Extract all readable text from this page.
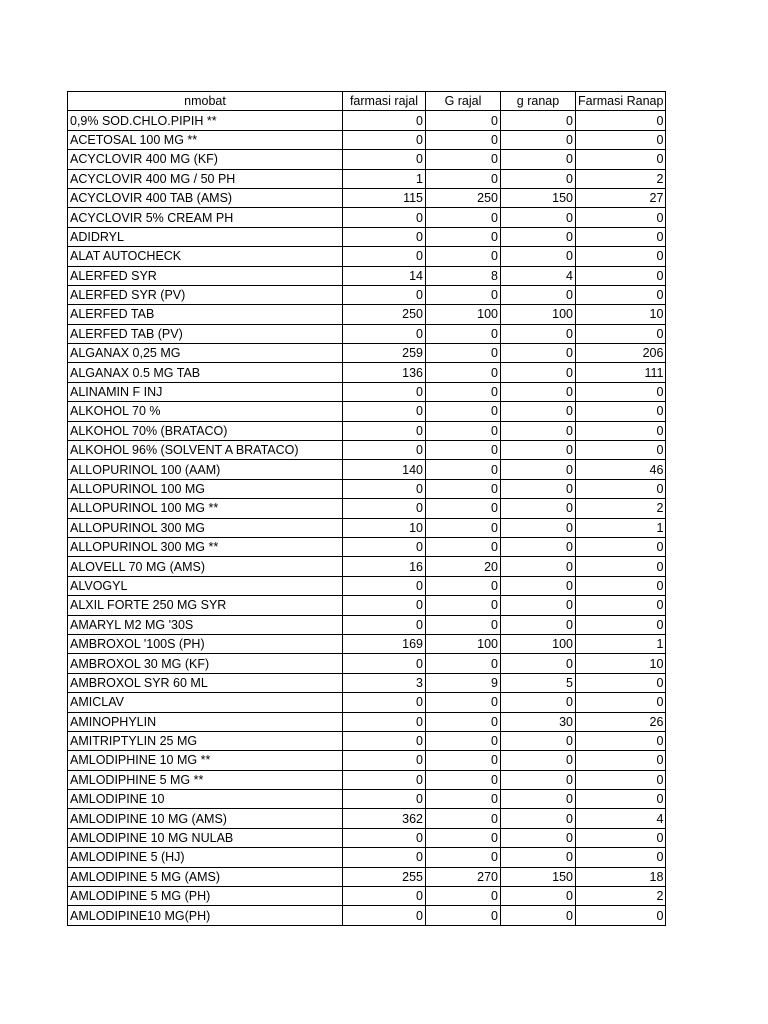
nmobat	farmasi rajal	G rajal	g ranap	Farmasi Ranap
0,9% SOD.CHLO.PIPIH **	0	0	0	0
ACETOSAL 100 MG **	0	0	0	0
ACYCLOVIR 400 MG (KF)	0	0	0	0
ACYCLOVIR 400 MG / 50 PH	1	0	0	2
ACYCLOVIR 400 TAB (AMS)	115	250	150	27
ACYCLOVIR 5% CREAM PH	0	0	0	0
ADIDRYL	0	0	0	0
ALAT AUTOCHECK	0	0	0	0
ALERFED SYR	14	8	4	0
ALERFED SYR (PV)	0	0	0	0
ALERFED TAB	250	100	100	10
ALERFED TAB (PV)	0	0	0	0
ALGANAX 0,25 MG	259	0	0	206
ALGANAX 0.5 MG TAB	136	0	0	111
ALINAMIN F INJ	0	0	0	0
ALKOHOL 70 %	0	0	0	0
ALKOHOL 70% (BRATACO)	0	0	0	0
ALKOHOL 96% (SOLVENT A BRATACO)	0	0	0	0
ALLOPURINOL 100 (AAM)	140	0	0	46
ALLOPURINOL 100 MG	0	0	0	0
ALLOPURINOL 100 MG **	0	0	0	2
ALLOPURINOL 300 MG	10	0	0	1
ALLOPURINOL 300 MG **	0	0	0	0
ALOVELL 70 MG (AMS)	16	20	0	0
ALVOGYL	0	0	0	0
ALXIL FORTE 250 MG SYR	0	0	0	0
AMARYL M2 MG '30S	0	0	0	0
AMBROXOL '100S (PH)	169	100	100	1
AMBROXOL 30 MG (KF)	0	0	0	10
AMBROXOL SYR 60 ML	3	9	5	0
AMICLAV	0	0	0	0
AMINOPHYLIN	0	0	30	26
AMITRIPTYLIN 25 MG	0	0	0	0
AMLODIPHINE 10 MG **	0	0	0	0
AMLODIPHINE 5 MG **	0	0	0	0
AMLODIPINE 10	0	0	0	0
AMLODIPINE 10 MG (AMS)	362	0	0	4
AMLODIPINE 10 MG NULAB	0	0	0	0
AMLODIPINE 5 (HJ)	0	0	0	0
AMLODIPINE 5 MG (AMS)	255	270	150	18
AMLODIPINE 5 MG (PH)	0	0	0	2
AMLODIPINE10 MG(PH)	0	0	0	0
